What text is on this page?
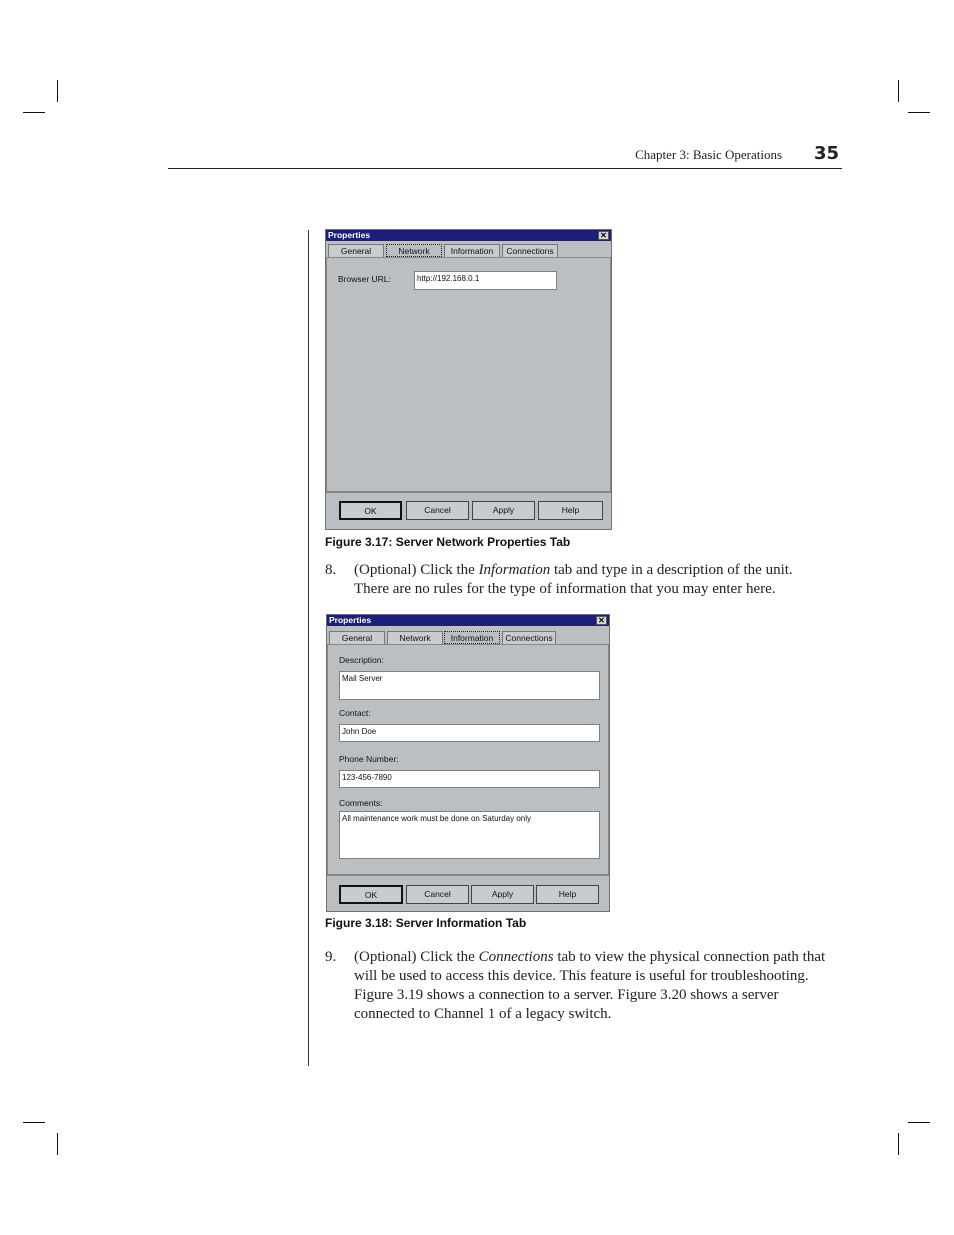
Chapter 3: Basic Operations 35
Properties	✕
General	Network	Information	Connections
Browser URL:	http://192.168.0.1
OK	Cancel	Apply	Help
Figure 3.17: Server Network Properties Tab
8. (Optional) Click the Information tab and type in a description of the unit.

There are no rules for the type of information that you may enter here.

Properties	✕
General	Network	Information	Connections
Description:
Mail Server
Contact:
John Doe
Phone Number:
123-456-7890
Comments:
All maintenance work must be done on Saturday only
OK	Cancel	Apply	Help
Figure 3.18: Server Information Tab
9. (Optional) Click the Connections tab to view the physical connection path that

will be used to access this device. This feature is useful for troubleshooting.

Figure 3.19 shows a connection to a server. Figure 3.20 shows a server

connected to Channel 1 of a legacy switch.
